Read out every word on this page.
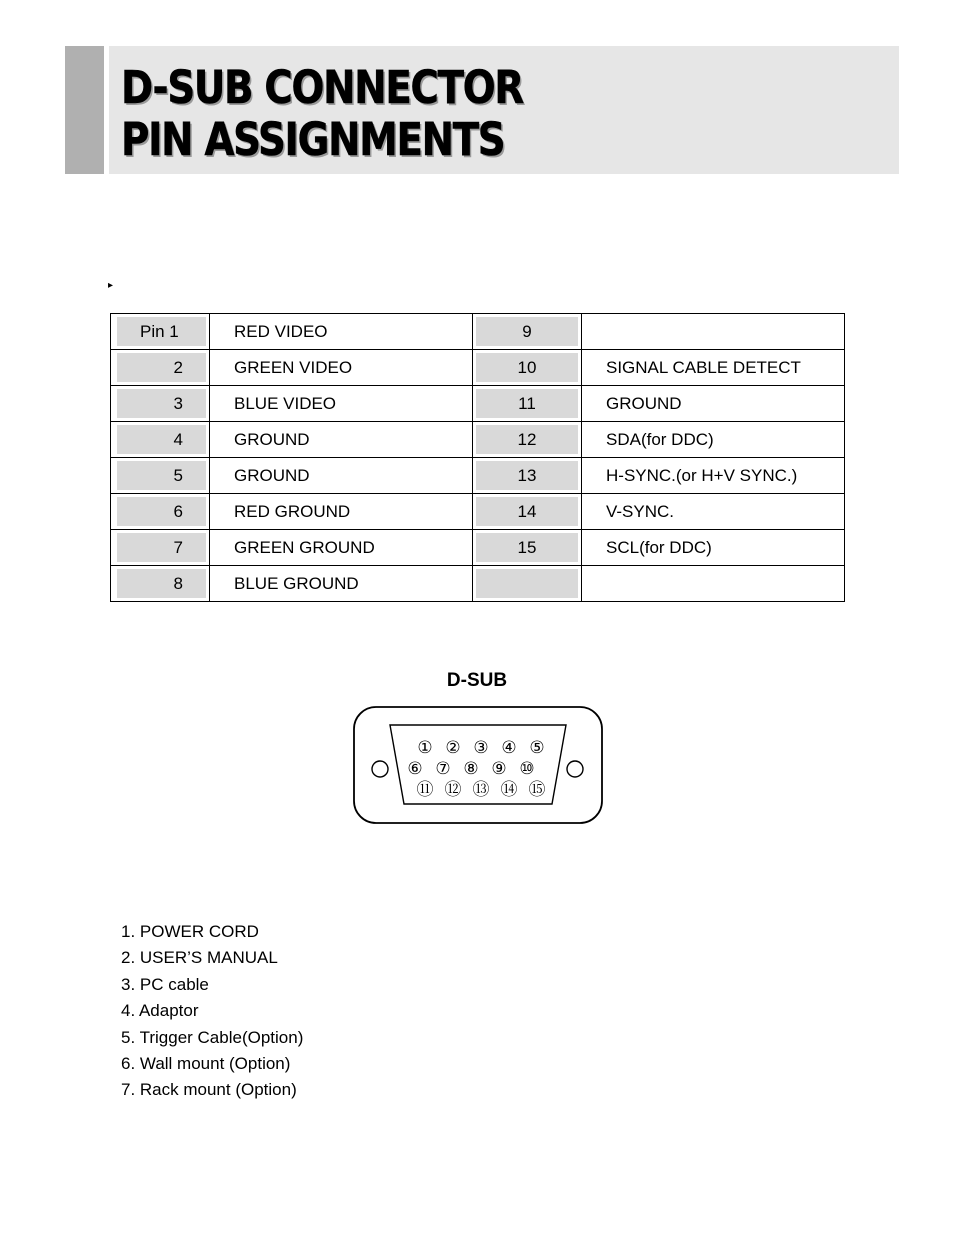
D-SUB CONNECTOR
PIN ASSIGNMENTS
▸
Pin 1	RED VIDEO	9	
2	GREEN VIDEO	10	SIGNAL CABLE DETECT
3	BLUE VIDEO	11	GROUND
4	GROUND	12	SDA(for DDC)
5	GROUND	13	H-SYNC.(or H+V SYNC.)
6	RED GROUND	14	V-SYNC.
7	GREEN GROUND	15	SCL(for DDC)
8	BLUE GROUND		
D-SUB
① ② ③ ④ ⑤
⑥ ⑦ ⑧ ⑨ ⑩
⑪ ⑫ ⑬ ⑭ ⑮
1. POWER CORD
2. USER’S MANUAL
3. PC cable
4. Adaptor
5. Trigger Cable(Option)
6. Wall mount (Option)
7. Rack mount (Option)
